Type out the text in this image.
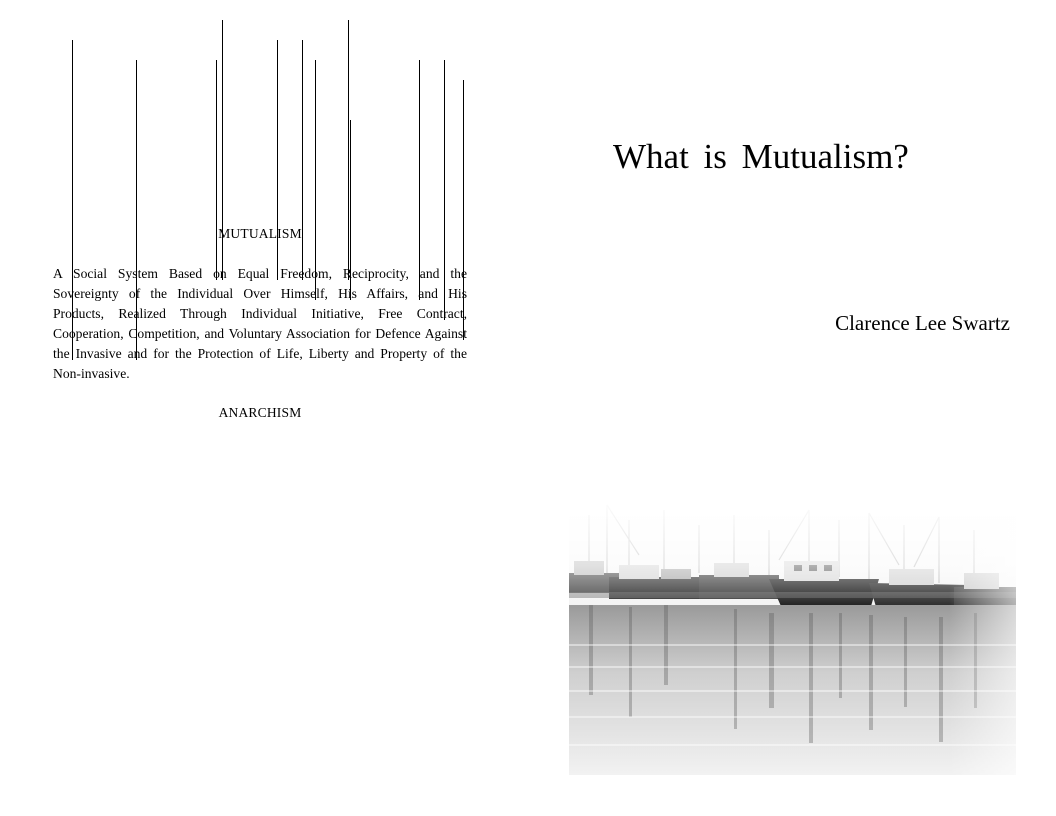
MUTUALISM
A Social System Based on Equal Freedom, Reciprocity, and the Sovereignty of the Individual Over Himself, His Affairs, and His Products, Realized Through Individual Initiative, Free Contract, Cooperation, Competition, and Voluntary Association for Defence Against the Invasive and for the Protection of Life, Liberty and Property of the Non-invasive.
ANARCHISM
What is Mutualism?
Clarence Lee Swartz
